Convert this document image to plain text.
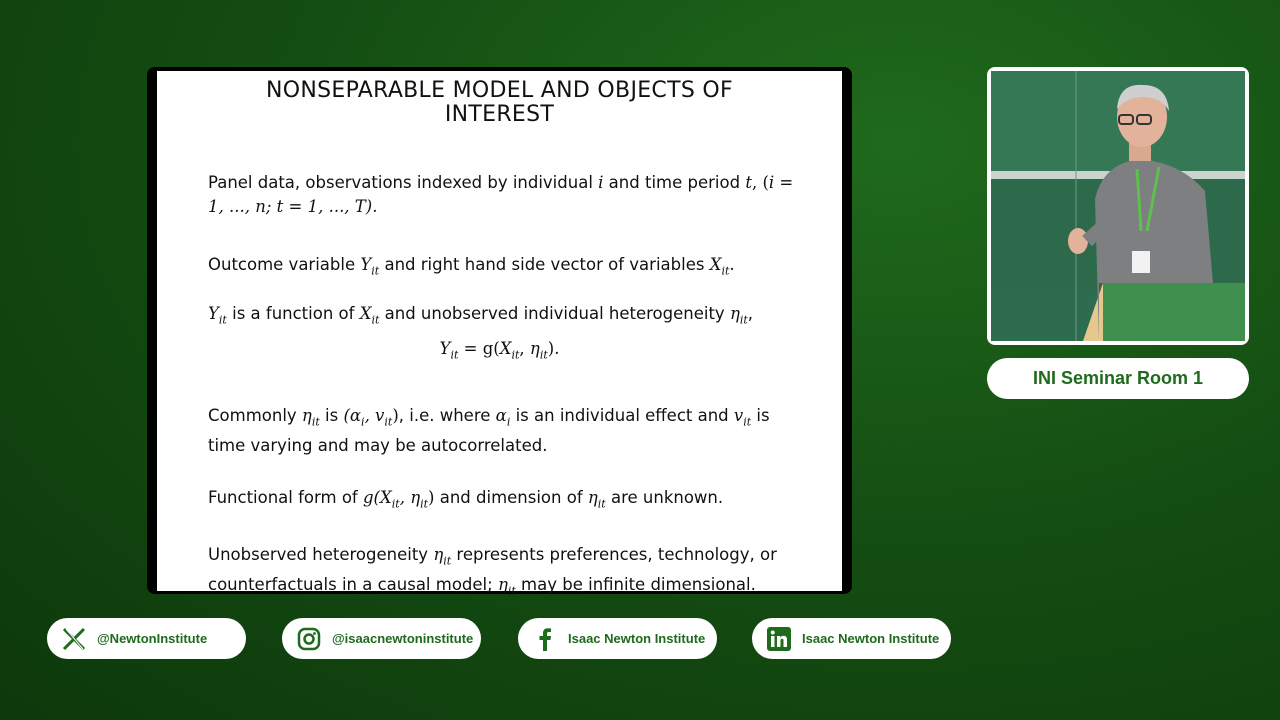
NONSEPARABLE MODEL AND OBJECTS OF
INTEREST
Panel data, observations indexed by individual i and time period t, (i =
1, ..., n; t = 1, ..., T).
Outcome variable $Y_{it}$ and right hand side vector of variables $X_{it}$.
$Y_{it}$ is a function of $X_{it}$ and unobserved individual heterogeneity $\eta_{it}$,
$Y_{it} = g(X_{it}$, $\eta_{it}$).
Commonly $\eta_{it}$ is ($\alpha_i$, $v_{it}$), i.e. where $\alpha_i$ is an individual effect and $v_{it}$ is
time varying and may be autocorrelated.
Functional form of $g(X_{it}$, $\eta_{it}$) and dimension of $\eta_{it}$ are unknown.
Unobserved heterogeneity $\eta_{it}$ represents preferences, technology, or
counterfactuals in a causal model; $\eta_{it}$ may be infinite dimensional.
INI Seminar Room 1
@NewtonInstitute	@isaacnewtoninstitute	Isaac Newton Institute	Isaac Newton Institute
